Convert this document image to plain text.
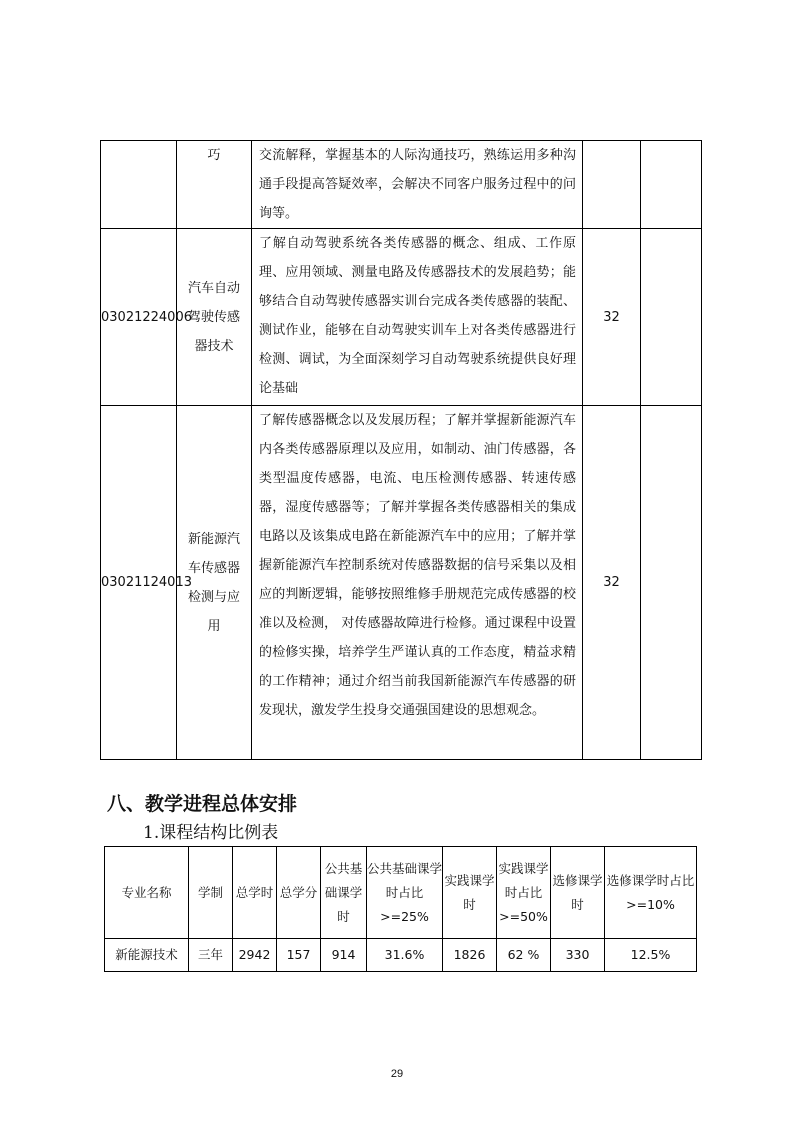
	巧	交流解释，掌握基本的人际沟通技巧，熟练运用多种沟通手段提高答疑效率，会解决不同客户服务过程中的问询等。		
03021224006	汽车自动驾驶传感器技术	了解自动驾驶系统各类传感器的概念、组成、工作原理、应用领域、测量电路及传感器技术的发展趋势；能够结合自动驾驶传感器实训台完成各类传感器的装配、测试作业，能够在自动驾驶实训车上对各类传感器进行检测、调试，为全面深刻学习自动驾驶系统提供良好理论基础	32	
03021124013	新能源汽车传感器检测与应用	了解传感器概念以及发展历程；了解并掌握新能源汽车内各类传感器原理以及应用，如制动、油门传感器，各类型温度传感器，电流、电压检测传感器、转速传感器，湿度传感器等；了解并掌握各类传感器相关的集成电路以及该集成电路在新能源汽车中的应用；了解并掌握新能源汽车控制系统对传感器数据的信号采集以及相应的判断逻辑，能够按照维修手册规范完成传感器的校准以及检测， 对传感器故障进行检修。通过课程中设置的检修实操，培养学生严谨认真的工作态度，精益求精的工作精神；通过介绍当前我国新能源汽车传感器的研发现状，激发学生投身交通强国建设的思想观念。	32	
八、教学进程总体安排

1.课程结构比例表

专业名称	学制	总学时	总学分	公共基础课学时	公共基础课学时占比>=25%	实践课学时	实践课学时占比>=50%	选修课学时	选修课学时占比>=10%
新能源技术	三年	2942	157	914	31.6%	1826	62 %	330	12.5%
29
